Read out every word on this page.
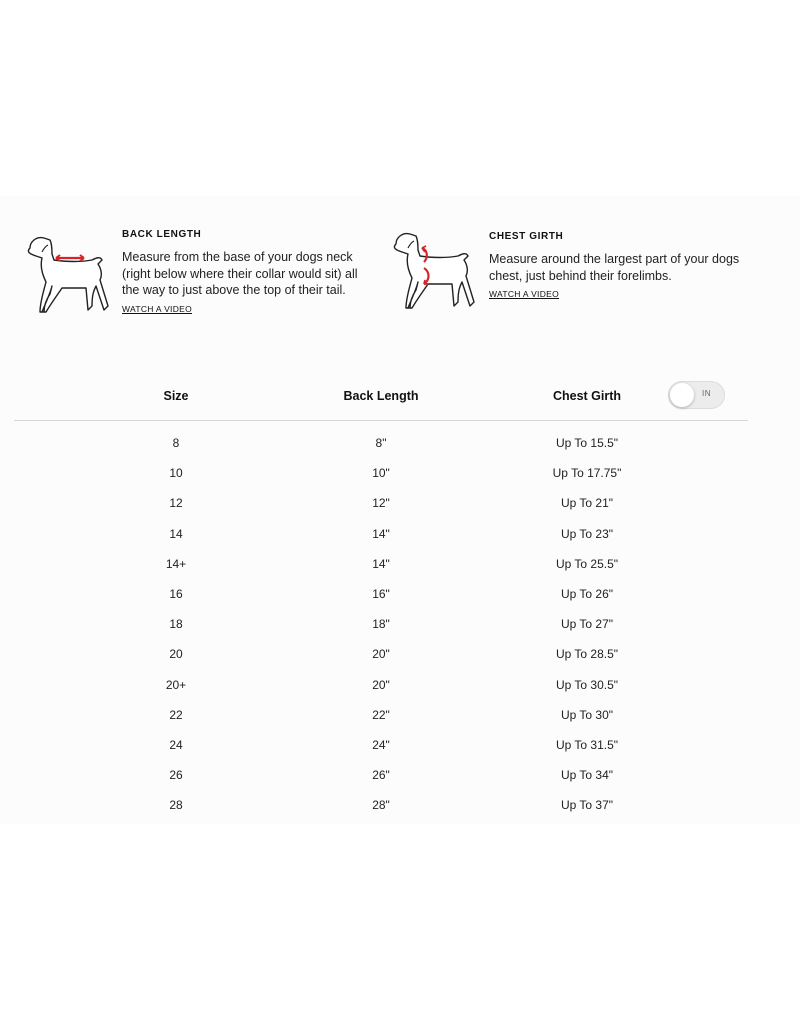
BACK LENGTH
Measure from the base of your dogs neck (right below where their collar would sit) all the way to just above the top of their tail.
WATCH A VIDEO
CHEST GIRTH
Measure around the largest part of your dogs chest, just behind their forelimbs.
WATCH A VIDEO
Size	Back Length	Chest Girth	IN
8	8"	Up To 15.5"
10	10"	Up To 17.75"
12	12"	Up To 21"
14	14"	Up To 23"
14+	14"	Up To 25.5"
16	16"	Up To 26"
18	18"	Up To 27"
20	20"	Up To 28.5"
20+	20"	Up To 30.5"
22	22"	Up To 30"
24	24"	Up To 31.5"
26	26"	Up To 34"
28	28"	Up To 37"
